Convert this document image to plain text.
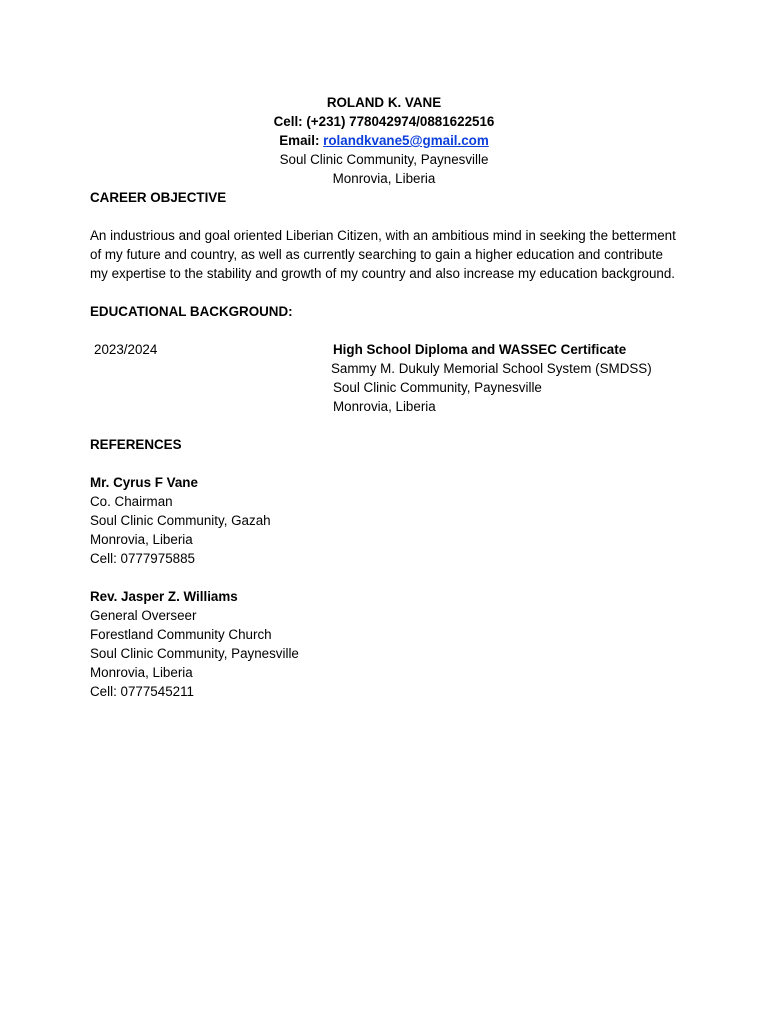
ROLAND K. VANE
Cell: (+231) 778042974/0881622516
Email: rolandkvane5@gmail.com
Soul Clinic Community, Paynesville
Monrovia, Liberia
CAREER OBJECTIVE
An industrious and goal oriented Liberian Citizen, with an ambitious mind in seeking the betterment of my future and country, as well as currently searching to gain a higher education and contribute my expertise to the stability and growth of my country and also increase my education background.
EDUCATIONAL BACKGROUND:
2023/2024	High School Diploma and WASSEC Certificate
Sammy M. Dukuly Memorial School System (SMDSS)
Soul Clinic Community, Paynesville
Monrovia, Liberia
REFERENCES
Mr. Cyrus F Vane
Co. Chairman
Soul Clinic Community, Gazah
Monrovia, Liberia
Cell: 0777975885
Rev. Jasper Z. Williams
General Overseer
Forestland Community Church
Soul Clinic Community, Paynesville
Monrovia, Liberia
Cell: 0777545211
